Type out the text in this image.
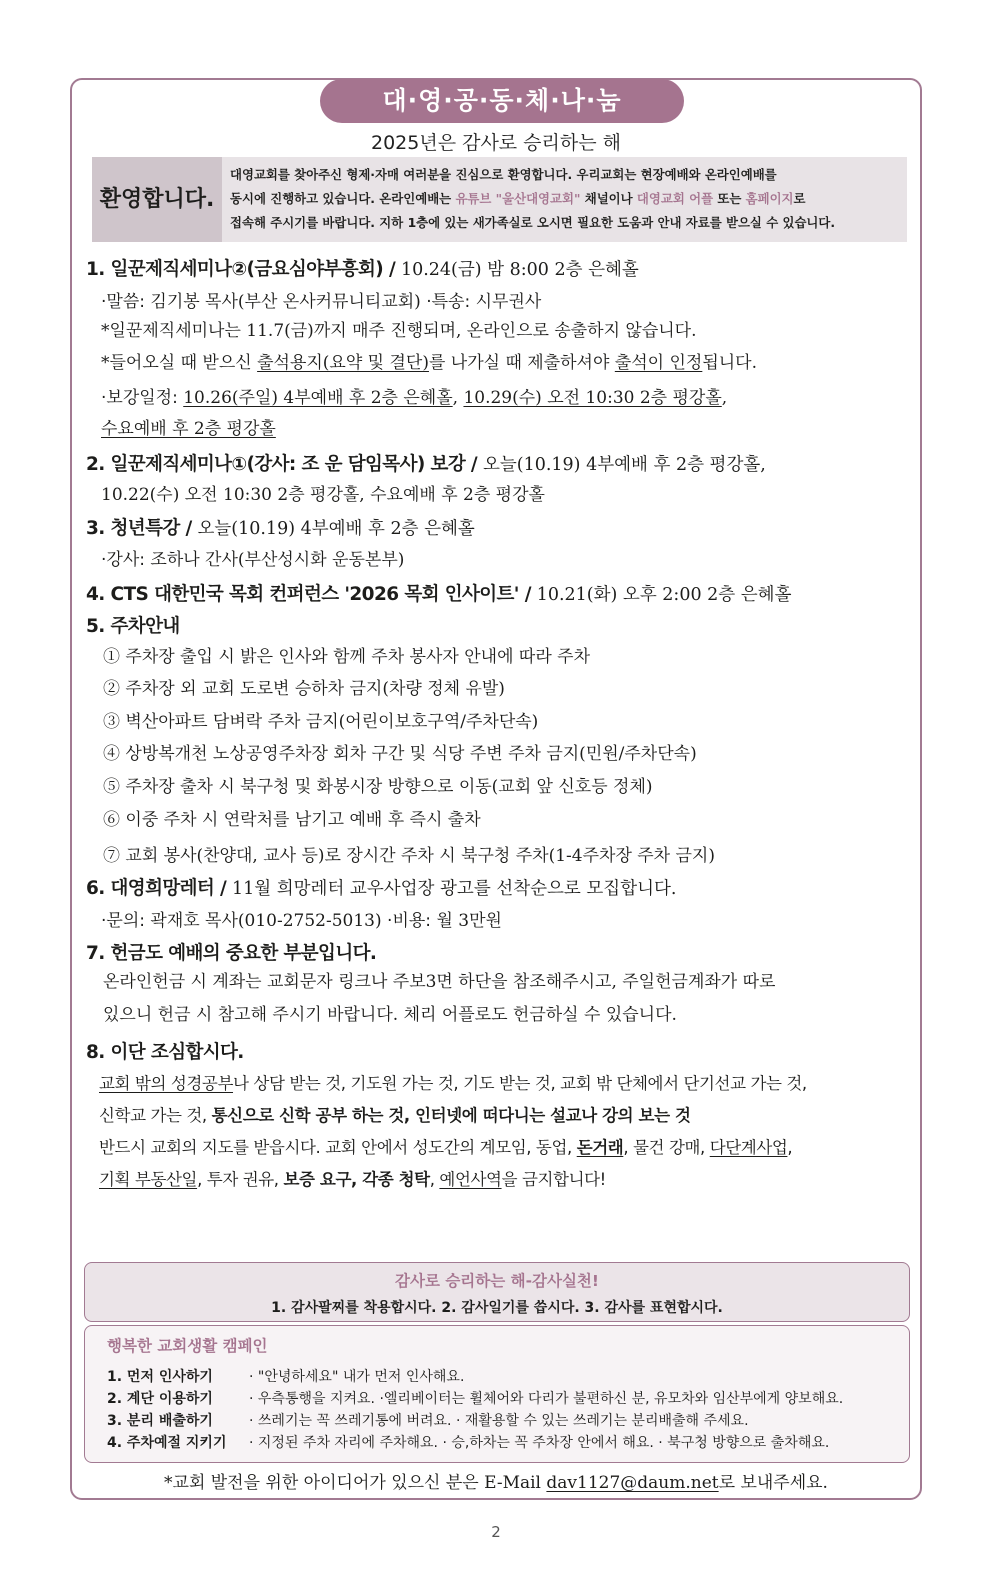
대·영·공·동·체·나·눔
2025년은 감사로 승리하는 해
환영합니다.
대영교회를 찾아주신 형제·자매 여러분을 진심으로 환영합니다. 우리교회는 현장예배와 온라인예배를
동시에 진행하고 있습니다. 온라인예배는 유튜브 "울산대영교회" 채널이나 대영교회 어플 또는 홈페이지로
접속해 주시기를 바랍니다. 지하 1층에 있는 새가족실로 오시면 필요한 도움과 안내 자료를 받으실 수 있습니다.
1. 일꾼제직세미나②(금요심야부흥회) / 10.24(금) 밤 8:00 2층 은혜홀
·말씀: 김기봉 목사(부산 온사커뮤니티교회) ·특송: 시무권사
*일꾼제직세미나는 11.7(금)까지 매주 진행되며, 온라인으로 송출하지 않습니다.
*들어오실 때 받으신 출석용지(요약 및 결단)를 나가실 때 제출하셔야 출석이 인정됩니다.
·보강일정: 10.26(주일) 4부예배 후 2층 은혜홀, 10.29(수) 오전 10:30 2층 평강홀,
수요예배 후 2층 평강홀
2. 일꾼제직세미나①(강사: 조 운 담임목사) 보강 / 오늘(10.19) 4부예배 후 2층 평강홀,
10.22(수) 오전 10:30 2층 평강홀, 수요예배 후 2층 평강홀
3. 청년특강 / 오늘(10.19) 4부예배 후 2층 은혜홀
·강사: 조하나 간사(부산성시화 운동본부)
4. CTS 대한민국 목회 컨퍼런스 '2026 목회 인사이트' / 10.21(화) 오후 2:00 2층 은혜홀
5. 주차안내
① 주차장 출입 시 밝은 인사와 함께 주차 봉사자 안내에 따라 주차
② 주차장 외 교회 도로변 승하차 금지(차량 정체 유발)
③ 벽산아파트 담벼락 주차 금지(어린이보호구역/주차단속)
④ 상방복개천 노상공영주차장 회차 구간 및 식당 주변 주차 금지(민원/주차단속)
⑤ 주차장 출차 시 북구청 및 화봉시장 방향으로 이동(교회 앞 신호등 정체)
⑥ 이중 주차 시 연락처를 남기고 예배 후 즉시 출차
⑦ 교회 봉사(찬양대, 교사 등)로 장시간 주차 시 북구청 주차(1-4주차장 주차 금지)
6. 대영희망레터 / 11월 희망레터 교우사업장 광고를 선착순으로 모집합니다.
·문의: 곽재호 목사(010-2752-5013) ·비용: 월 3만원
7. 헌금도 예배의 중요한 부분입니다.
온라인헌금 시 계좌는 교회문자 링크나 주보3면 하단을 참조해주시고, 주일헌금계좌가 따로
있으니 헌금 시 참고해 주시기 바랍니다. 체리 어플로도 헌금하실 수 있습니다.
8. 이단 조심합시다.
교회 밖의 성경공부나 상담 받는 것, 기도원 가는 것, 기도 받는 것, 교회 밖 단체에서 단기선교 가는 것,
신학교 가는 것, 통신으로 신학 공부 하는 것, 인터넷에 떠다니는 설교나 강의 보는 것
반드시 교회의 지도를 받읍시다. 교회 안에서 성도간의 계모임, 동업, 돈거래, 물건 강매, 다단계사업,
기획 부동산일, 투자 권유, 보증 요구, 각종 청탁, 예언사역을 금지합니다!
감사로 승리하는 해-감사실천!
1. 감사팔찌를 착용합시다. 2. 감사일기를 씁시다. 3. 감사를 표현합시다.
행복한 교회생활 캠페인
1. 먼저 인사하기	· "안녕하세요" 내가 먼저 인사해요.
2. 계단 이용하기	· 우측통행을 지켜요. ·엘리베이터는 휠체어와 다리가 불편하신 분, 유모차와 임산부에게 양보해요.
3. 분리 배출하기	· 쓰레기는 꼭 쓰레기통에 버려요. · 재활용할 수 있는 쓰레기는 분리배출해 주세요.
4. 주차예절 지키기 · 지정된 주차 자리에 주차해요. · 승,하차는 꼭 주차장 안에서 해요. · 북구청 방향으로 출차해요.
*교회 발전을 위한 아이디어가 있으신 분은 E-Mail dav1127@daum.net로 보내주세요.
2
